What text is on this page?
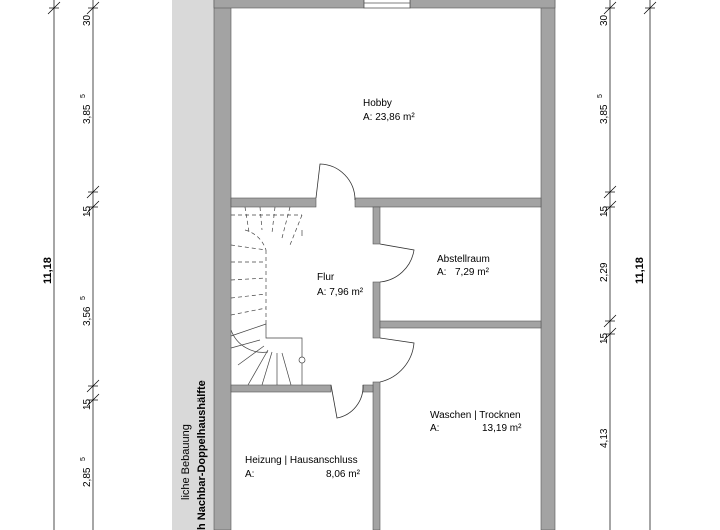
Hobby
A: 23,86 m²
Abstellraum
A: 7,29 m²
Flur
A: 7,96 m²
Waschen | Trocknen
A:	13,19 m²
Heizung | Hausanschluss
A:	8,06 m²
liche Bebauung h Nachbar-Doppelhaushälfte
30
3,85
5
15
3,56
5
15
2,85
5
11,18
30
3,85
5
15
2,29
15
4,13
11,18
